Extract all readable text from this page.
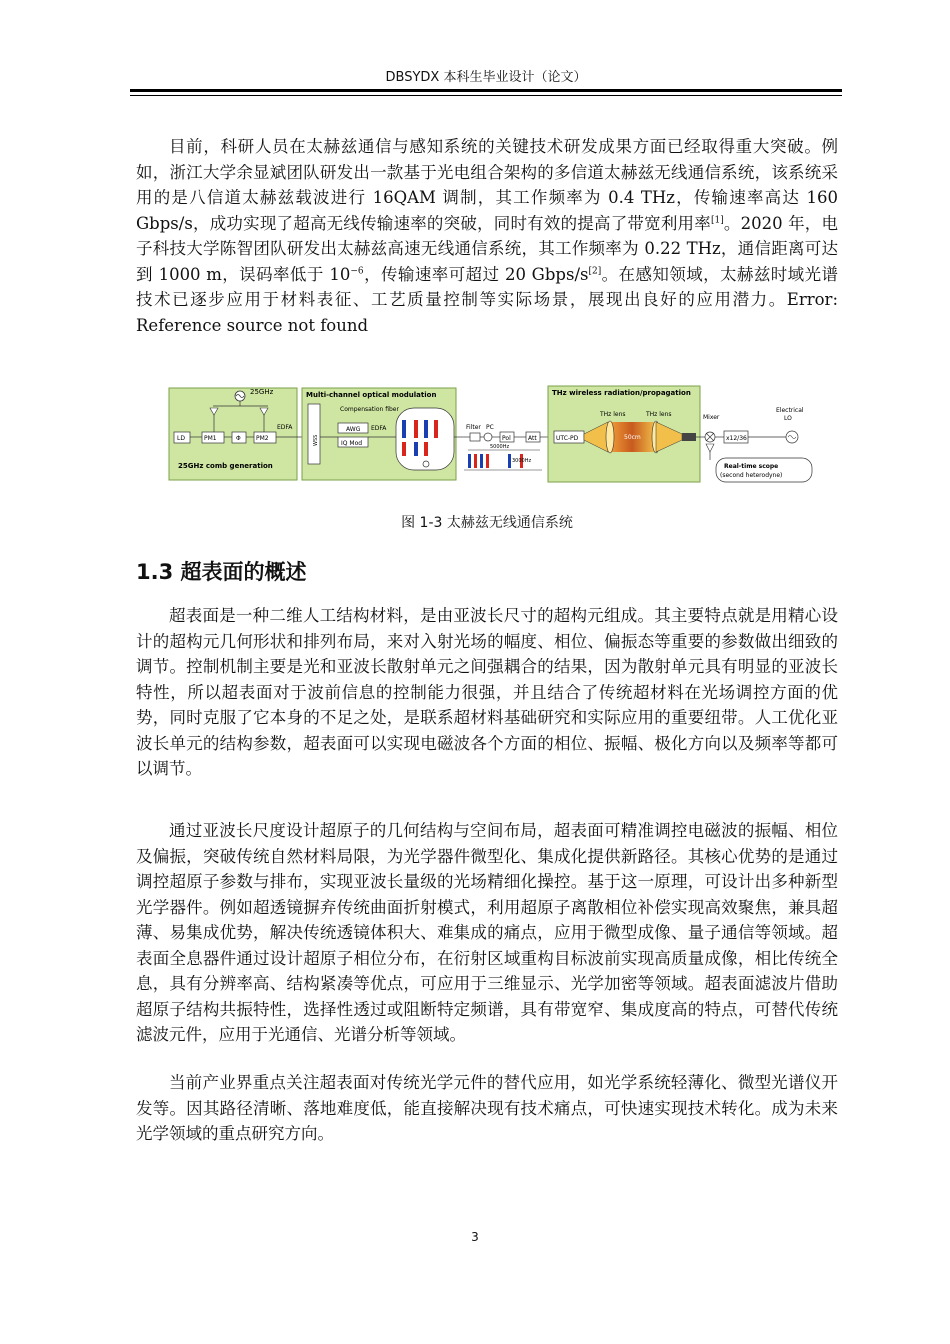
DBSYDX 本科生毕业设计（论文）

目前，科研人员在太赫兹通信与感知系统的关键技术研发成果方面已经取得重大突破。例如，浙江大学余显斌团队研发出一款基于光电组合架构的多信道太赫兹无线通信系统，该系统采用的是八信道太赫兹载波进行 16QAM 调制，其工作频率为 0.4 THz，传输速率高达 160 Gbps/s，成功实现了超高无线传输速率的突破，同时有效的提高了带宽利用率[1]。2020 年，电子科技大学陈智团队研发出太赫兹高速无线通信系统，其工作频率为 0.22 THz，通信距离可达到 1000 m，误码率低于 $10^{-6}$，传输速率可超过 20 Gbps/s[2]。在感知领域，太赫兹时域光谱技术已逐步应用于材料表征、工艺质量控制等实际场景，展现出良好的应用潜力。Error: Reference source not found

25GHz
LD	PM1	Φ	PM2
EDFA
25GHz comb generation
Multi-channel optical modulation
WSS
Compensation fiber
AWG
IQ Mod
EDFA	Filter PC
Pol	Att
5000Hz
3000Hz
THz wireless radiation/propagation
THz lens	THz lens
UTC-PD	50cm
Mixer
x12/36
Electrical
LO
Real-time scope
(second heterodyne)
图 1-3 太赫兹无线通信系统
1.3 超表面的概述

超表面是一种二维人工结构材料，是由亚波长尺寸的超构元组成。其主要特点就是用精心设计的超构元几何形状和排列布局，来对入射光场的幅度、相位、偏振态等重要的参数做出细致的调节。控制机制主要是光和亚波长散射单元之间强耦合的结果，因为散射单元具有明显的亚波长特性，所以超表面对于波前信息的控制能力很强，并且结合了传统超材料在光场调控方面的优势，同时克服了它本身的不足之处，是联系超材料基础研究和实际应用的重要纽带。人工优化亚波长单元的结构参数，超表面可以实现电磁波各个方面的相位、振幅、极化方向以及频率等都可以调节。

通过亚波长尺度设计超原子的几何结构与空间布局，超表面可精准调控电磁波的振幅、相位及偏振，突破传统自然材料局限，为光学器件微型化、集成化提供新路径。其核心优势的是通过调控超原子参数与排布，实现亚波长量级的光场精细化操控。基于这一原理，可设计出多种新型光学器件。例如超透镜摒弃传统曲面折射模式，利用超原子离散相位补偿实现高效聚焦，兼具超薄、易集成优势，解决传统透镜体积大、难集成的痛点，应用于微型成像、量子通信等领域。超表面全息器件通过设计超原子相位分布，在衍射区域重构目标波前实现高质量成像，相比传统全息，具有分辨率高、结构紧凑等优点，可应用于三维显示、光学加密等领域。超表面滤波片借助超原子结构共振特性，选择性透过或阻断特定频谱，具有带宽窄、集成度高的特点，可替代传统滤波元件，应用于光通信、光谱分析等领域。

当前产业界重点关注超表面对传统光学元件的替代应用，如光学系统轻薄化、微型光谱仪开发等。因其路径清晰、落地难度低，能直接解决现有技术痛点，可快速实现技术转化。成为未来光学领域的重点研究方向。

3
